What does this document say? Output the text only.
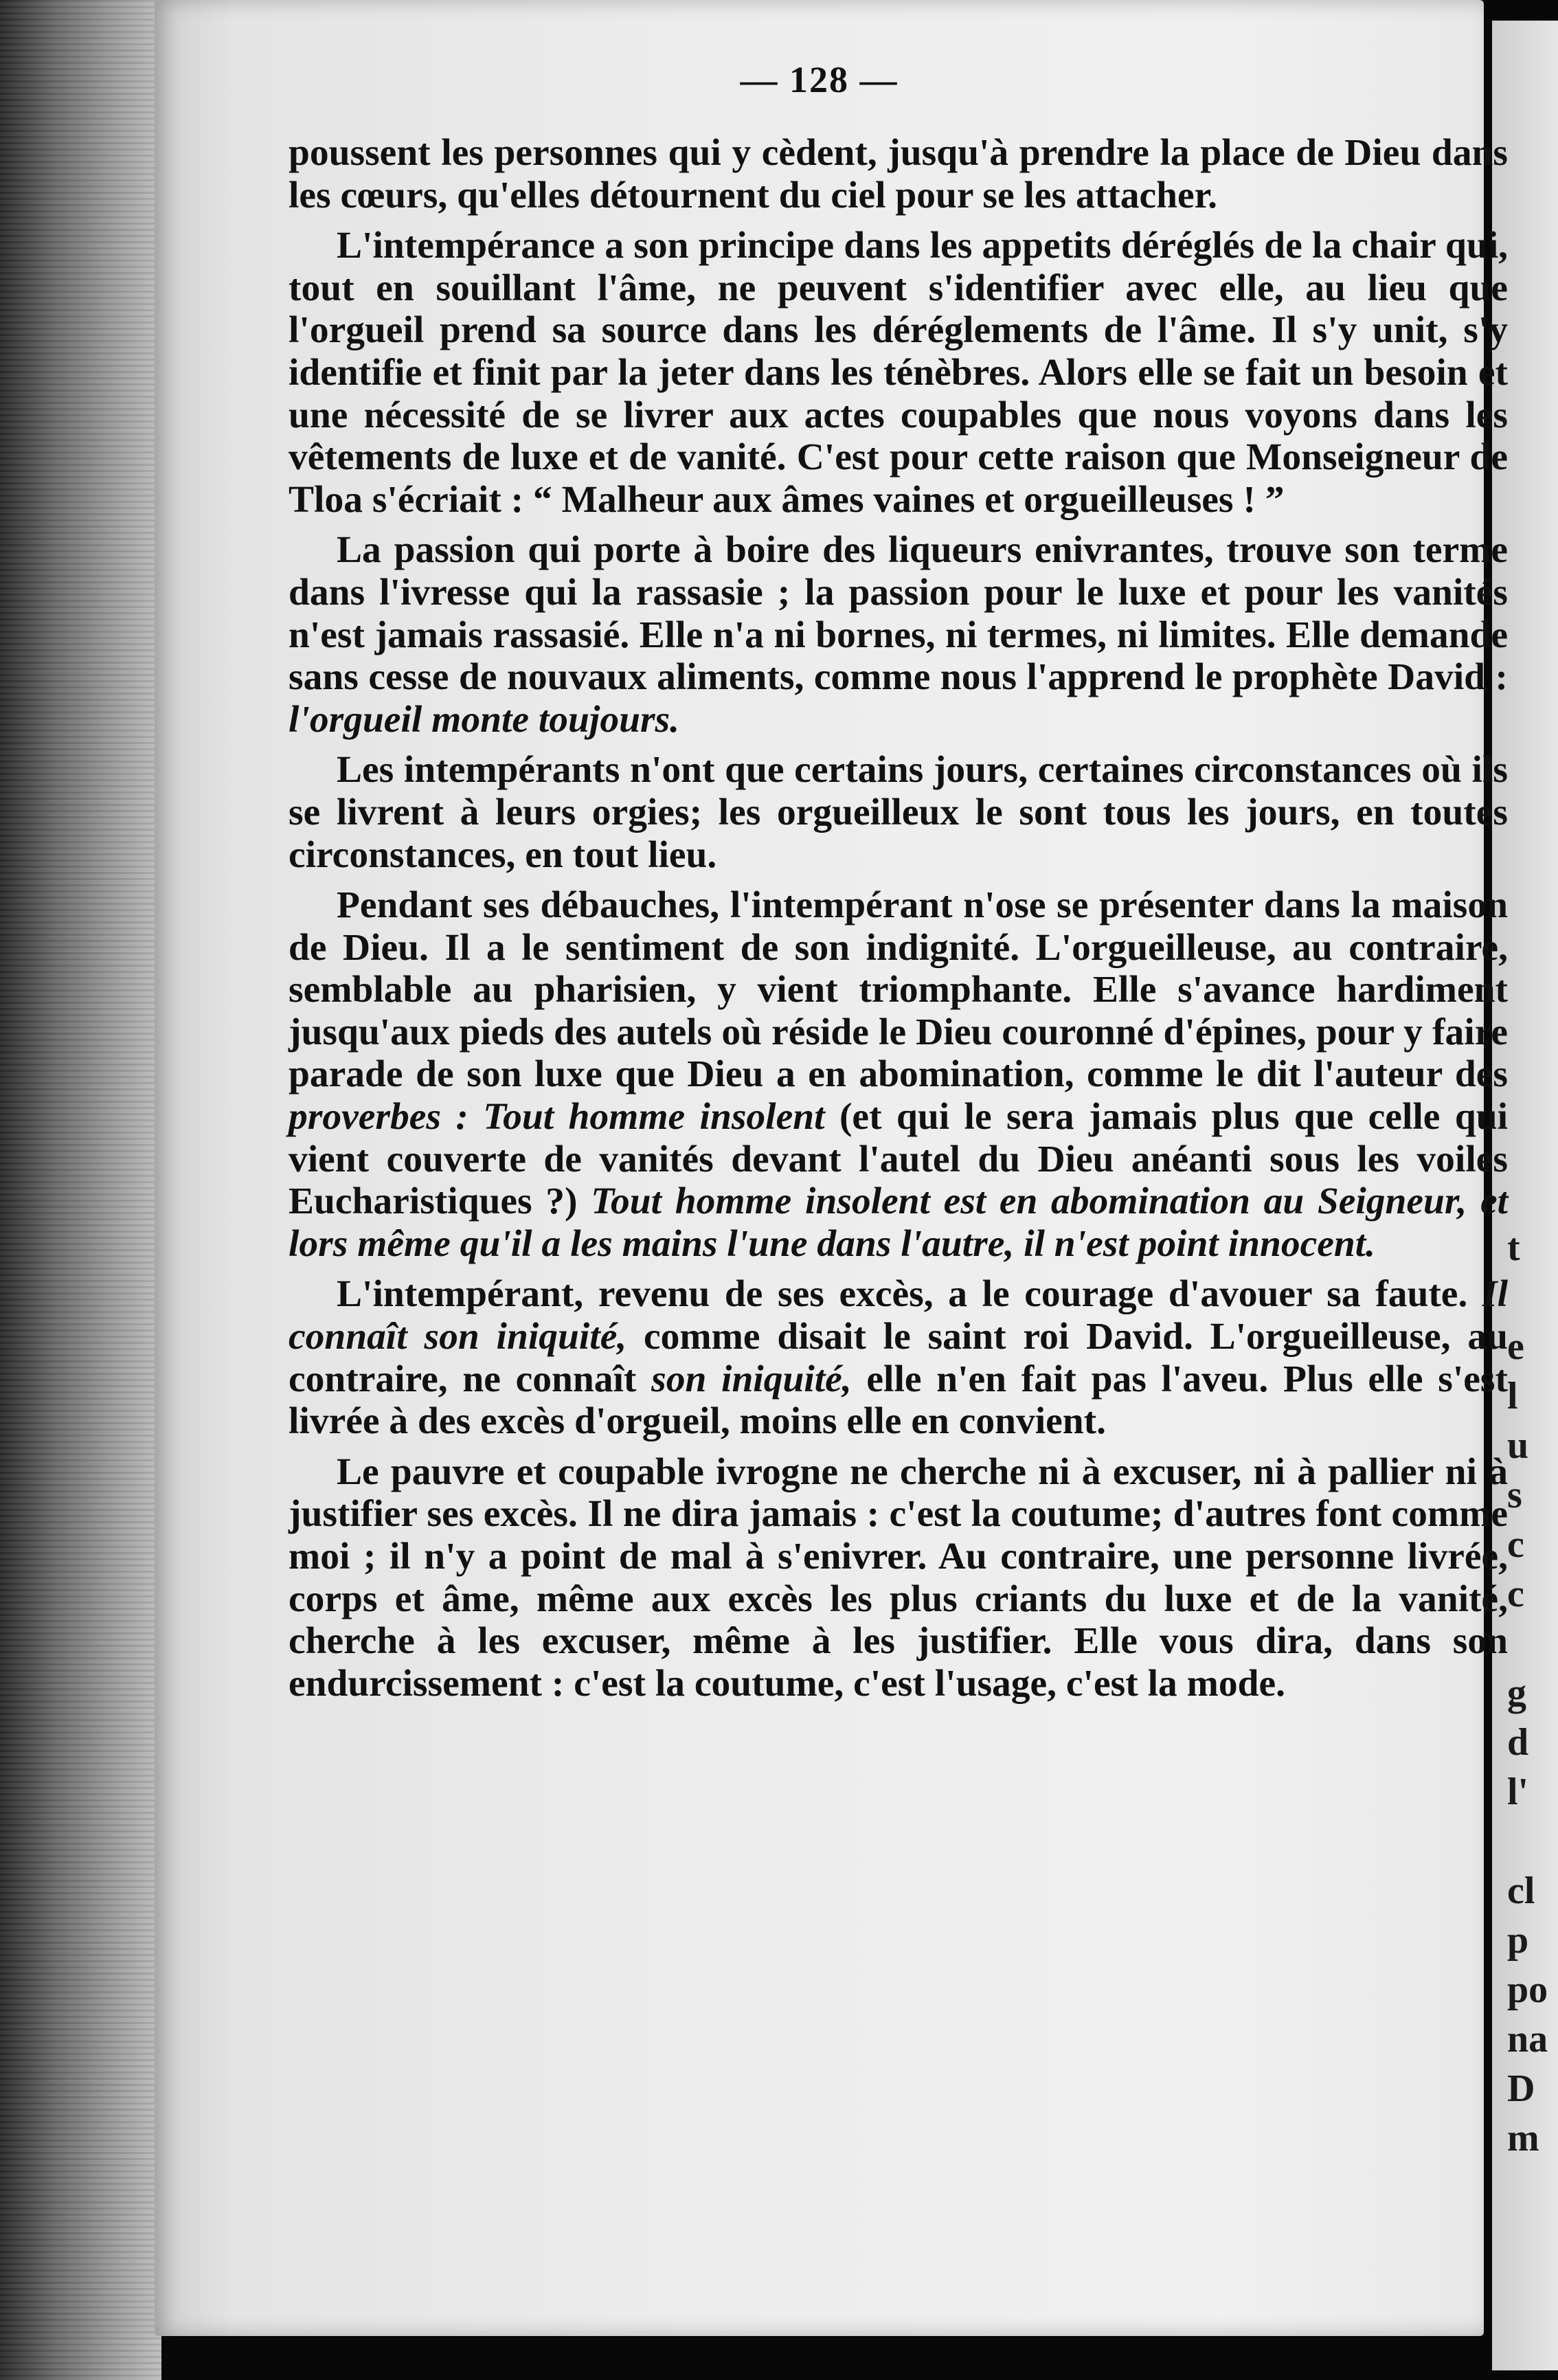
t

e
l
u
s
c
c

g
d
l'

cl
p
po
na
D
m
— 128 —

poussent les personnes qui y cèdent, jusqu'à prendre la place de Dieu dans les cœurs, qu'elles détournent du ciel pour se les attacher.

L'intempérance a son principe dans les appetits déréglés de la chair qui, tout en souillant l'âme, ne peuvent s'identifier avec elle, au lieu que l'orgueil prend sa source dans les déréglements de l'âme. Il s'y unit, s'y identifie et finit par la jeter dans les ténèbres. Alors elle se fait un besoin et une nécessité de se livrer aux actes coupables que nous voyons dans les vêtements de luxe et de vanité. C'est pour cette raison que Monseigneur de Tloa s'écriait : “ Malheur aux âmes vaines et orgueilleuses ! ”

La passion qui porte à boire des liqueurs enivrantes, trouve son terme dans l'ivresse qui la rassasie ; la passion pour le luxe et pour les vanités n'est jamais rassasié. Elle n'a ni bornes, ni termes, ni limites. Elle demande sans cesse de nouvaux aliments, comme nous l'apprend le prophète David : l'orgueil monte toujours.

Les intempérants n'ont que certains jours, certaines circonstances où ils se livrent à leurs orgies; les orgueilleux le sont tous les jours, en toutes circonstances, en tout lieu.

Pendant ses débauches, l'intempérant n'ose se présenter dans la maison de Dieu. Il a le sentiment de son indignité. L'orgueilleuse, au contraire, semblable au pharisien, y vient triomphante. Elle s'avance hardiment jusqu'aux pieds des autels où réside le Dieu couronné d'épines, pour y faire parade de son luxe que Dieu a en abomination, comme le dit l'auteur des proverbes : Tout homme insolent (et qui le sera jamais plus que celle qui vient couverte de vanités devant l'autel du Dieu anéanti sous les voiles Eucharistiques ?) Tout homme insolent est en abomination au Seigneur, et lors même qu'il a les mains l'une dans l'autre, il n'est point innocent.

L'intempérant, revenu de ses excès, a le courage d'avouer sa faute. Il connaît son iniquité, comme disait le saint roi David. L'orgueilleuse, au contraire, ne connaît son iniquité, elle n'en fait pas l'aveu. Plus elle s'est livrée à des excès d'orgueil, moins elle en convient.

Le pauvre et coupable ivrogne ne cherche ni à excuser, ni à pallier ni à justifier ses excès. Il ne dira jamais : c'est la coutume; d'autres font comme moi ; il n'y a point de mal à s'enivrer. Au contraire, une personne livrée, corps et âme, même aux excès les plus criants du luxe et de la vanité, cherche à les excuser, même à les justifier. Elle vous dira, dans son endurcissement : c'est la coutume, c'est l'usage, c'est la mode.
